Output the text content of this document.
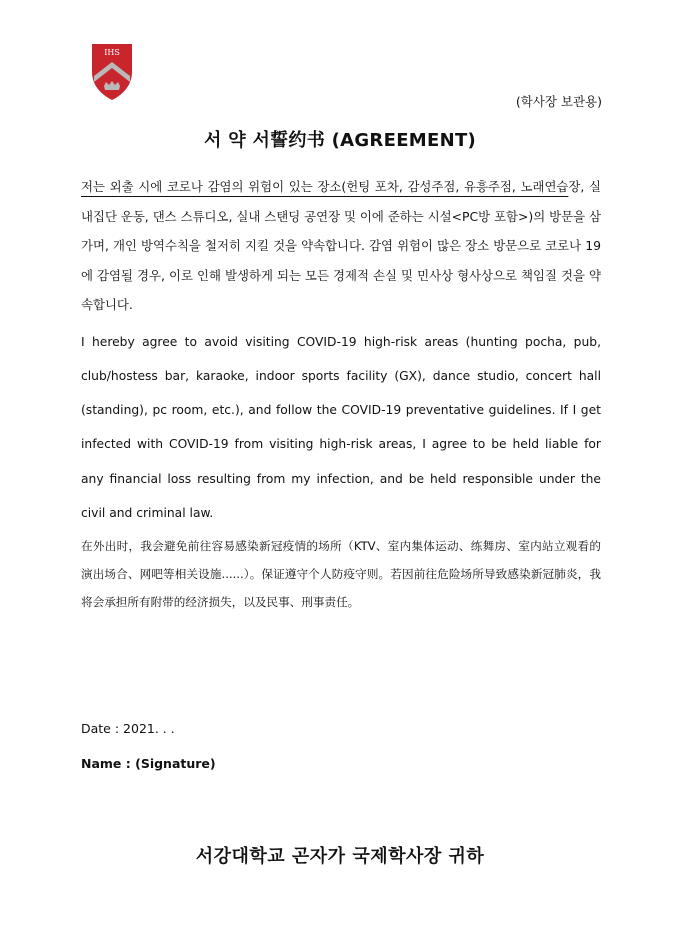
IHS
(학사장 보관용)
서 약 서誓约书 (AGREEMENT)
저는 외출 시에 코로나 감염의 위험이 있는 장소(헌팅 포차, 감성주점, 유흥주점, 노래연습장, 실내집단 운동, 댄스 스튜디오, 실내 스탠딩 공연장 및 이에 준하는 시설<PC방 포함>)의 방문을 삼가며, 개인 방역수칙을 철저히 지킬 것을 약속합니다. 감염 위험이 많은 장소 방문으로 코로나 19에 감염될 경우, 이로 인해 발생하게 되는 모든 경제적 손실 및 민사상 형사상으로 책임질 것을 약속합니다.
I hereby agree to avoid visiting COVID-19 high-risk areas (hunting pocha, pub, club/hostess bar, karaoke, indoor sports facility (GX), dance studio, concert hall (standing), pc room, etc.), and follow the COVID-19 preventative guidelines. If I get infected with COVID-19 from visiting high-risk areas, I agree to be held liable for any financial loss resulting from my infection, and be held responsible under the civil and criminal law.
在外出时，我会避免前往容易感染新冠疫情的场所（KTV、室内集体运动、练舞房、室内站立观看的演出场合、网吧等相关设施......）。保证遵守个人防疫守则。若因前往危险场所导致感染新冠肺炎，我将会承担所有附带的经济损失，以及民事、刑事责任。
Date : 2021. . .
Name : (Signature)
서강대학교 곤자가 국제학사장 귀하
